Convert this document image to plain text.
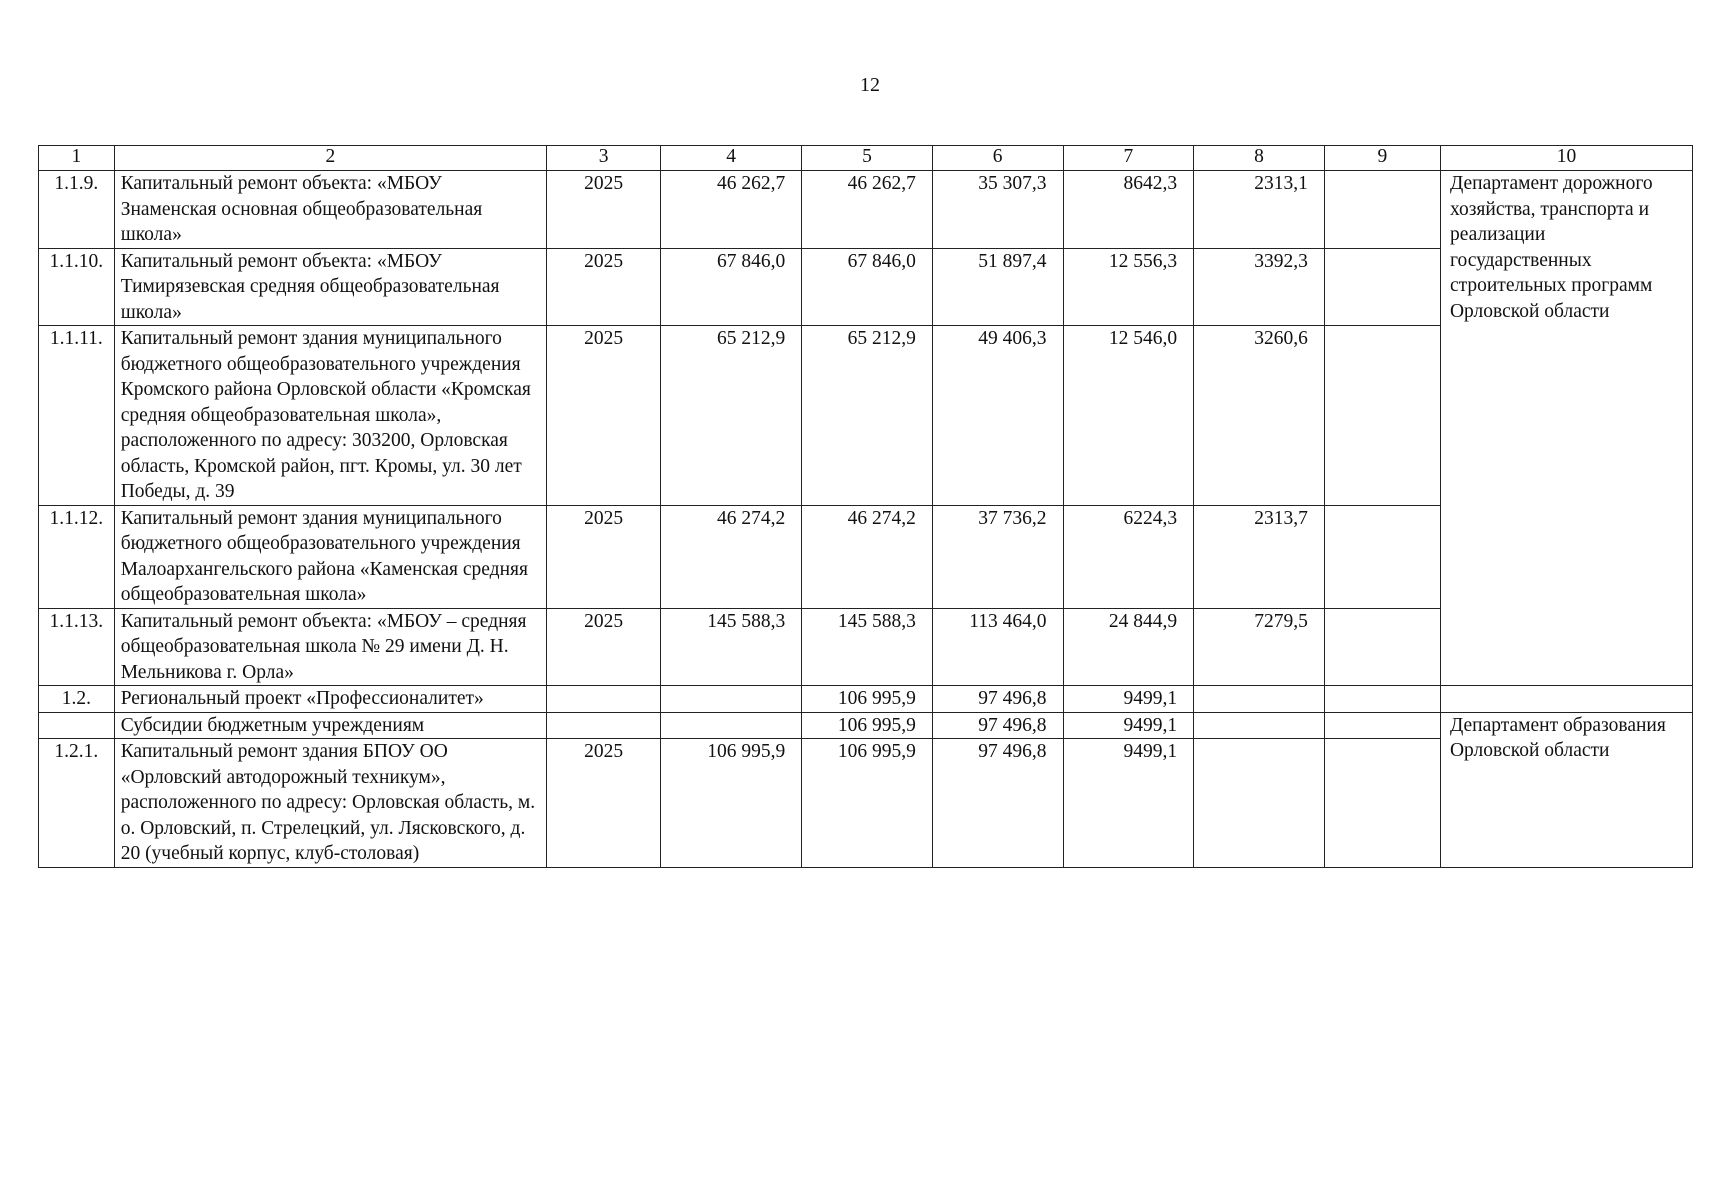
12
1	2	3	4	5	6	7	8	9	10
1.1.9.	Капитальный ремонт объекта: «МБОУ Знаменская основная общеобразовательная школа»	2025	46 262,7	46 262,7	35 307,3	8642,3	2313,1		Департамент дорожного хозяйства, транспорта и реализации государственных строительных программ Орловской области
1.1.10.	Капитальный ремонт объекта: «МБОУ Тимирязевская средняя общеобразовательная школа»	2025	67 846,0	67 846,0	51 897,4	12 556,3	3392,3		
1.1.11.	Капитальный ремонт здания муниципального бюджетного общеобразовательного учреждения Кромского района Орловской области «Кромская средняя общеобразовательная школа», расположенного по адресу: 303200, Орловская область, Кромской район, пгт. Кромы, ул. 30 лет Победы, д. 39	2025	65 212,9	65 212,9	49 406,3	12 546,0	3260,6		
1.1.12.	Капитальный ремонт здания муниципального бюджетного общеобразовательного учреждения Малоархангельского района «Каменская средняя общеобразовательная школа»	2025	46 274,2	46 274,2	37 736,2	6224,3	2313,7		
1.1.13.	Капитальный ремонт объекта: «МБОУ – средняя общеобразовательная школа № 29 имени Д. Н. Мельникова г. Орла»	2025	145 588,3	145 588,3	113 464,0	24 844,9	7279,5		
1.2.	Региональный проект «Профессионалитет»			106 995,9	97 496,8	9499,1			
	Субсидии бюджетным учреждениям			106 995,9	97 496,8	9499,1			Департамент образования Орловской области
1.2.1.	Капитальный ремонт здания БПОУ ОО «Орловский автодорожный техникум», расположенного по адресу: Орловская область, м. о. Орловский, п. Стрелецкий, ул. Лясковского, д. 20 (учебный корпус, клуб-столовая)	2025	106 995,9	106 995,9	97 496,8	9499,1			
